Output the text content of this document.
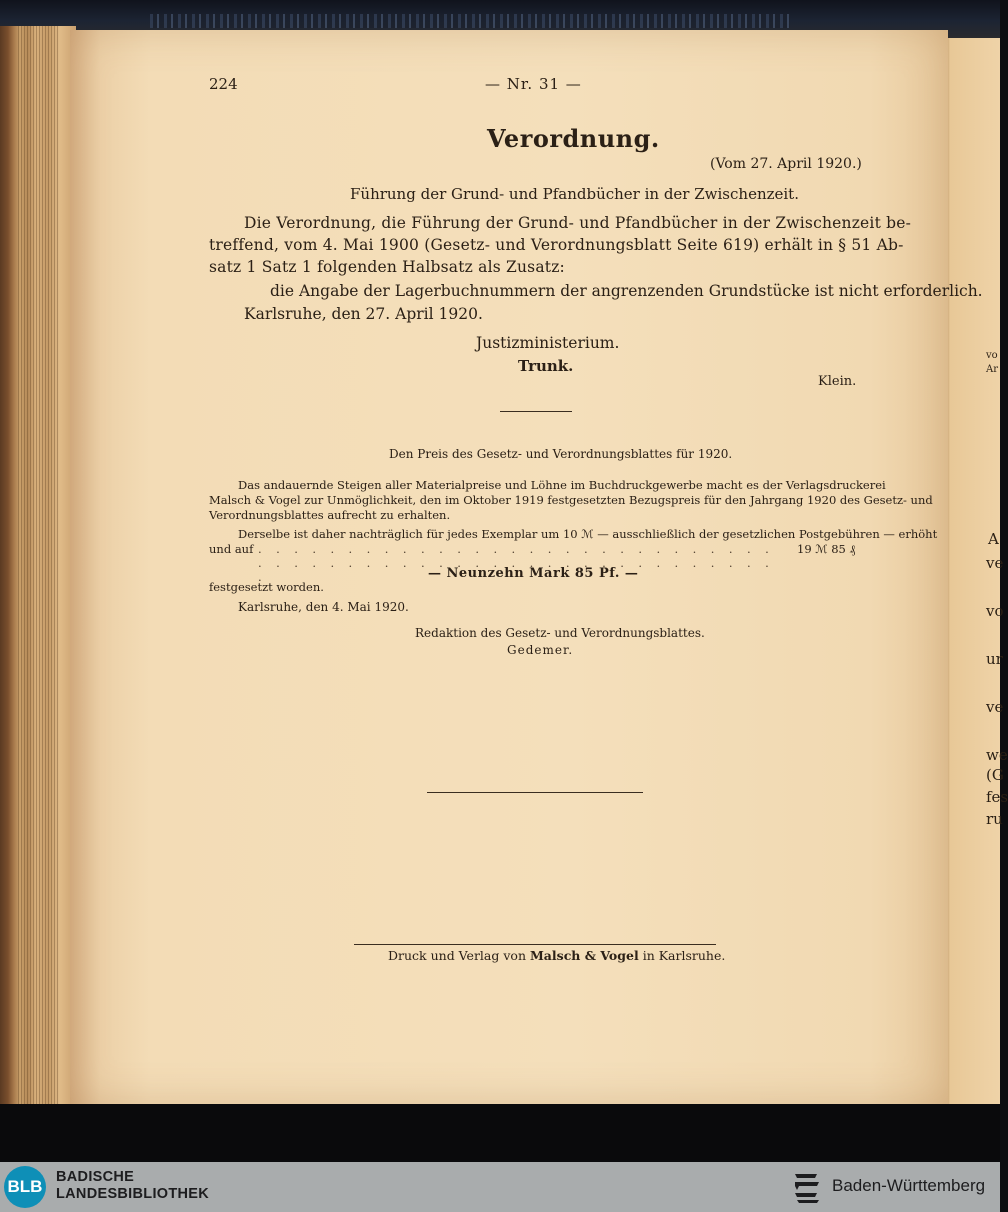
vo
Ar
A
ve
vo
ur
ve
we
(G
fes
ru
224	— Nr. 31 —
Verordnung.
(Vom 27. April 1920.)
Führung der Grund- und Pfandbücher in der Zwischenzeit.
Die Verordnung, die Führung der Grund- und Pfandbücher in der Zwischenzeit be-
treffend, vom 4. Mai 1900 (Gesetz- und Verordnungsblatt Seite 619) erhält in § 51 Ab-
satz 1 Satz 1 folgenden Halbsatz als Zusatz:
die Angabe der Lagerbuchnummern der angrenzenden Grundstücke ist nicht erforderlich.
Karlsruhe, den 27. April 1920.
Justizministerium.
Trunk.
Klein.
Den Preis des Gesetz- und Verordnungsblattes für 1920.
Das andauernde Steigen aller Materialpreise und Löhne im Buchdruckgewerbe macht es der Verlagsdruckerei
Malsch & Vogel zur Unmöglichkeit, den im Oktober 1919 festgesetzten Bezugspreis für den Jahrgang 1920 des Gesetz- und
Verordnungsblattes aufrecht zu erhalten.
Derselbe ist daher nachträglich für jedes Exemplar um 10 ℳ — ausschließlich der gesetzlichen Postgebühren — erhöht
und auf . . . . . . . . . . . . . . . . . . . . . . . . . . . . . . . . . . . . . . . . . . . . . . . . . . . . . . . . . . .
19 ℳ 85 ₰
— Neunzehn Mark 85 Pf. —
festgesetzt worden.
Karlsruhe, den 4. Mai 1920.
Redaktion des Gesetz- und Verordnungsblattes.
Gedemer.
Druck und Verlag von Malsch & Vogel in Karlsruhe.
BLB BADISCHE
LANDESBIBLIOTHEK	Baden-Württemberg
